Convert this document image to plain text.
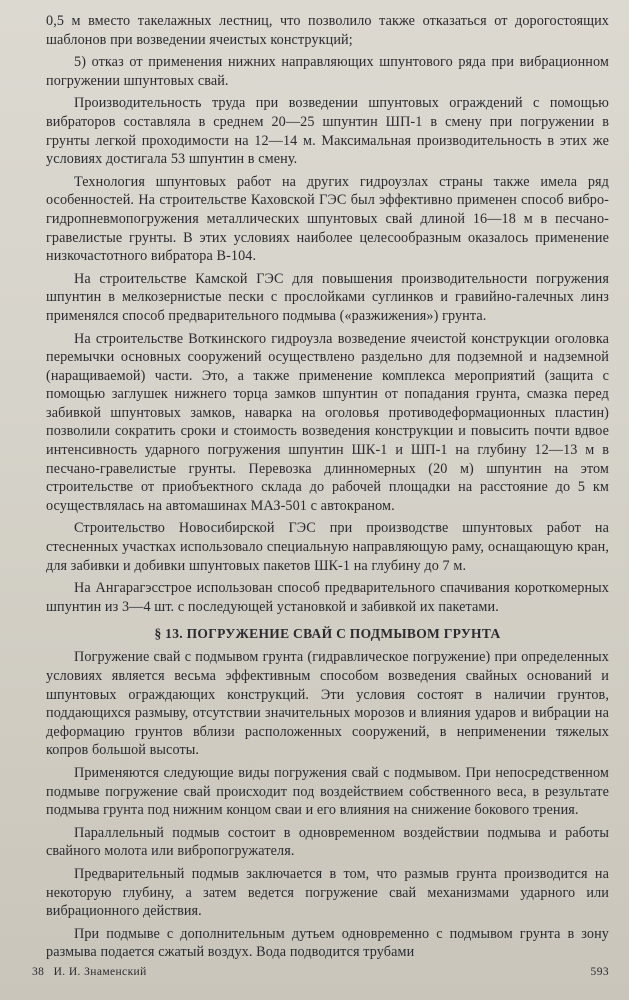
0,5 м вместо такелажных лестниц, что позволило также отказаться от дорогостоящих шаблонов при возведении ячеистых конструкций;

5) отказ от применения нижних направляющих шпунтового ряда при вибрационном погружении шпунтовых свай.

Производительность труда при возведении шпунтовых ограждений с помощью вибраторов составляла в среднем 20—25 шпунтин ШП-1 в смену при погружении в грунты легкой проходимости на 12—14 м. Максимальная производительность в этих же условиях достигала 53 шпунтин в смену.

Технология шпунтовых работ на других гидроузлах страны также имела ряд особенностей. На строительстве Каховской ГЭС был эффективно применен способ вибро-гидропневмопогружения металлических шпунтовых свай длиной 16—18 м в песчано-гравелистые грунты. В этих условиях наиболее целесообразным оказалось применение низкочастотного вибратора В-104.

На строительстве Камской ГЭС для повышения производительности погружения шпунтин в мелкозернистые пески с прослойками суглинков и гравийно-галечных линз применялся способ предварительного подмыва («разжижения») грунта.

На строительстве Воткинского гидроузла возведение ячеистой конструкции оголовка перемычки основных сооружений осуществлено раздельно для подземной и надземной (наращиваемой) части. Это, а также применение комплекса мероприятий (защита с помощью заглушек нижнего торца замков шпунтин от попадания грунта, смазка перед забивкой шпунтовых замков, наварка на оголовья противодеформационных пластин) позволили сократить сроки и стоимость возведения конструкции и повысить почти вдвое интенсивность ударного погружения шпунтин ШК-1 и ШП-1 на глубину 12—13 м в песчано-гравелистые грунты. Перевозка длинномерных (20 м) шпунтин на этом строительстве от приобъектного склада до рабочей площадки на расстояние до 5 км осуществлялась на автомашинах МАЗ-501 с автокраном.

Строительство Новосибирской ГЭС при производстве шпунтовых работ на стесненных участках использовало специальную направляющую раму, оснащающую кран, для забивки и добивки шпунтовых пакетов ШК-1 на глубину до 7 м.

На Ангарагэсстрое использован способ предварительного спачивания короткомерных шпунтин из 3—4 шт. с последующей установкой и забивкой их пакетами.

§ 13. ПОГРУЖЕНИЕ СВАЙ С ПОДМЫВОМ ГРУНТА

Погружение свай с подмывом грунта (гидравлическое погружение) при определенных условиях является весьма эффективным способом возведения свайных оснований и шпунтовых ограждающих конструкций. Эти условия состоят в наличии грунтов, поддающихся размыву, отсутствии значительных морозов и влияния ударов и вибрации на деформацию грунтов вблизи расположенных сооружений, в неприменении тяжелых копров большой высоты.

Применяются следующие виды погружения свай с подмывом. При непосредственном подмыве погружение свай происходит под воздействием собственного веса, в результате подмыва грунта под нижним концом сваи и его влияния на снижение бокового трения.

Параллельный подмыв состоит в одновременном воздействии подмыва и работы свайного молота или вибропогружателя.

Предварительный подмыв заключается в том, что размыв грунта производится на некоторую глубину, а затем ведется погружение свай механизмами ударного или вибрационного действия.

При подмыве с дополнительным дутьем одновременно с подмывом грунта в зону размыва подается сжатый воздух. Вода подводится трубами

38 И. И. Знаменский	593
